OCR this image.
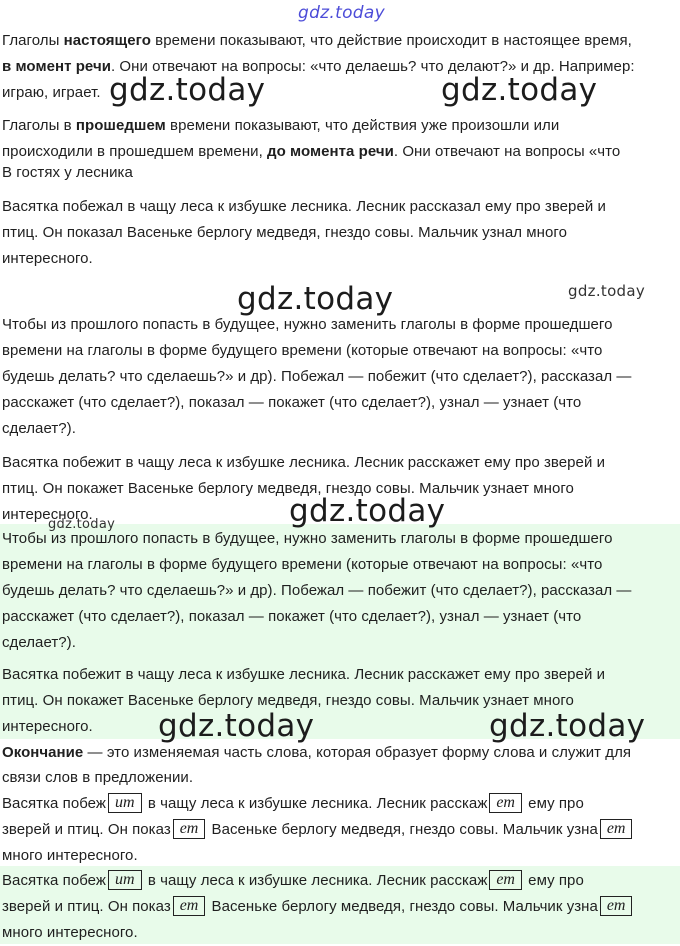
gdz.today
Глаголы настоящего времени показывают, что действие происходит в настоящее время,
в момент речи. Они отвечают на вопросы: «что делаешь? что делают?» и др. Например:
играю, играет.
Глаголы в прошедшем времени показывают, что действия уже произошли или
происходили в прошедшем времени, до момента речи. Они отвечают на вопросы «что
В гостях у лесника
gdz.today	gdz.today
Васятка побежал в чащу леса к избушке лесника. Лесник рассказал ему про зверей и
птиц. Он показал Васеньке берлогу медведя, гнездо совы. Мальчик узнал много
интересного.
gdz.today	gdz.today
Чтобы из прошлого попасть в будущее, нужно заменить глаголы в форме прошедшего
времени на глаголы в форме будущего времени (которые отвечают на вопросы: «что
будешь делать? что сделаешь?» и др). Побежал — побежит (что сделает?), рассказал —
расскажет (что сделает?), показал — покажет (что сделает?), узнал — узнает (что
сделает?).
Васятка побежит в чащу леса к избушке лесника. Лесник расскажет ему про зверей и
птиц. Он покажет Васеньке берлогу медведя, гнездо совы. Мальчик узнает много
интересного.	gdz.today
gdz.today
Чтобы из прошлого попасть в будущее, нужно заменить глаголы в форме прошедшего
времени на глаголы в форме будущего времени (которые отвечают на вопросы: «что
будешь делать? что сделаешь?» и др). Побежал — побежит (что сделает?), рассказал —
расскажет (что сделает?), показал — покажет (что сделает?), узнал — узнает (что
сделает?).
Васятка побежит в чащу леса к избушке лесника. Лесник расскажет ему про зверей и
птиц. Он покажет Васеньке берлогу медведя, гнездо совы. Мальчик узнает много
интересного.	gdz.today	gdz.today
Окончание — это изменяемая часть слова, которая образует форму слова и служит для
связи слов в предложении.
Васятка побеж ит в чащу леса к избушке лесника. Лесник расскаж ет ему про
зверей и птиц. Он показ ет Васеньке берлогу медведя, гнездо совы. Мальчик узна ет
много интересного.
Васятка побеж ит в чащу леса к избушке лесника. Лесник расскаж ет ему про
зверей и птиц. Он показ ет Васеньке берлогу медведя, гнездо совы. Мальчик узна ет
много интересного.
